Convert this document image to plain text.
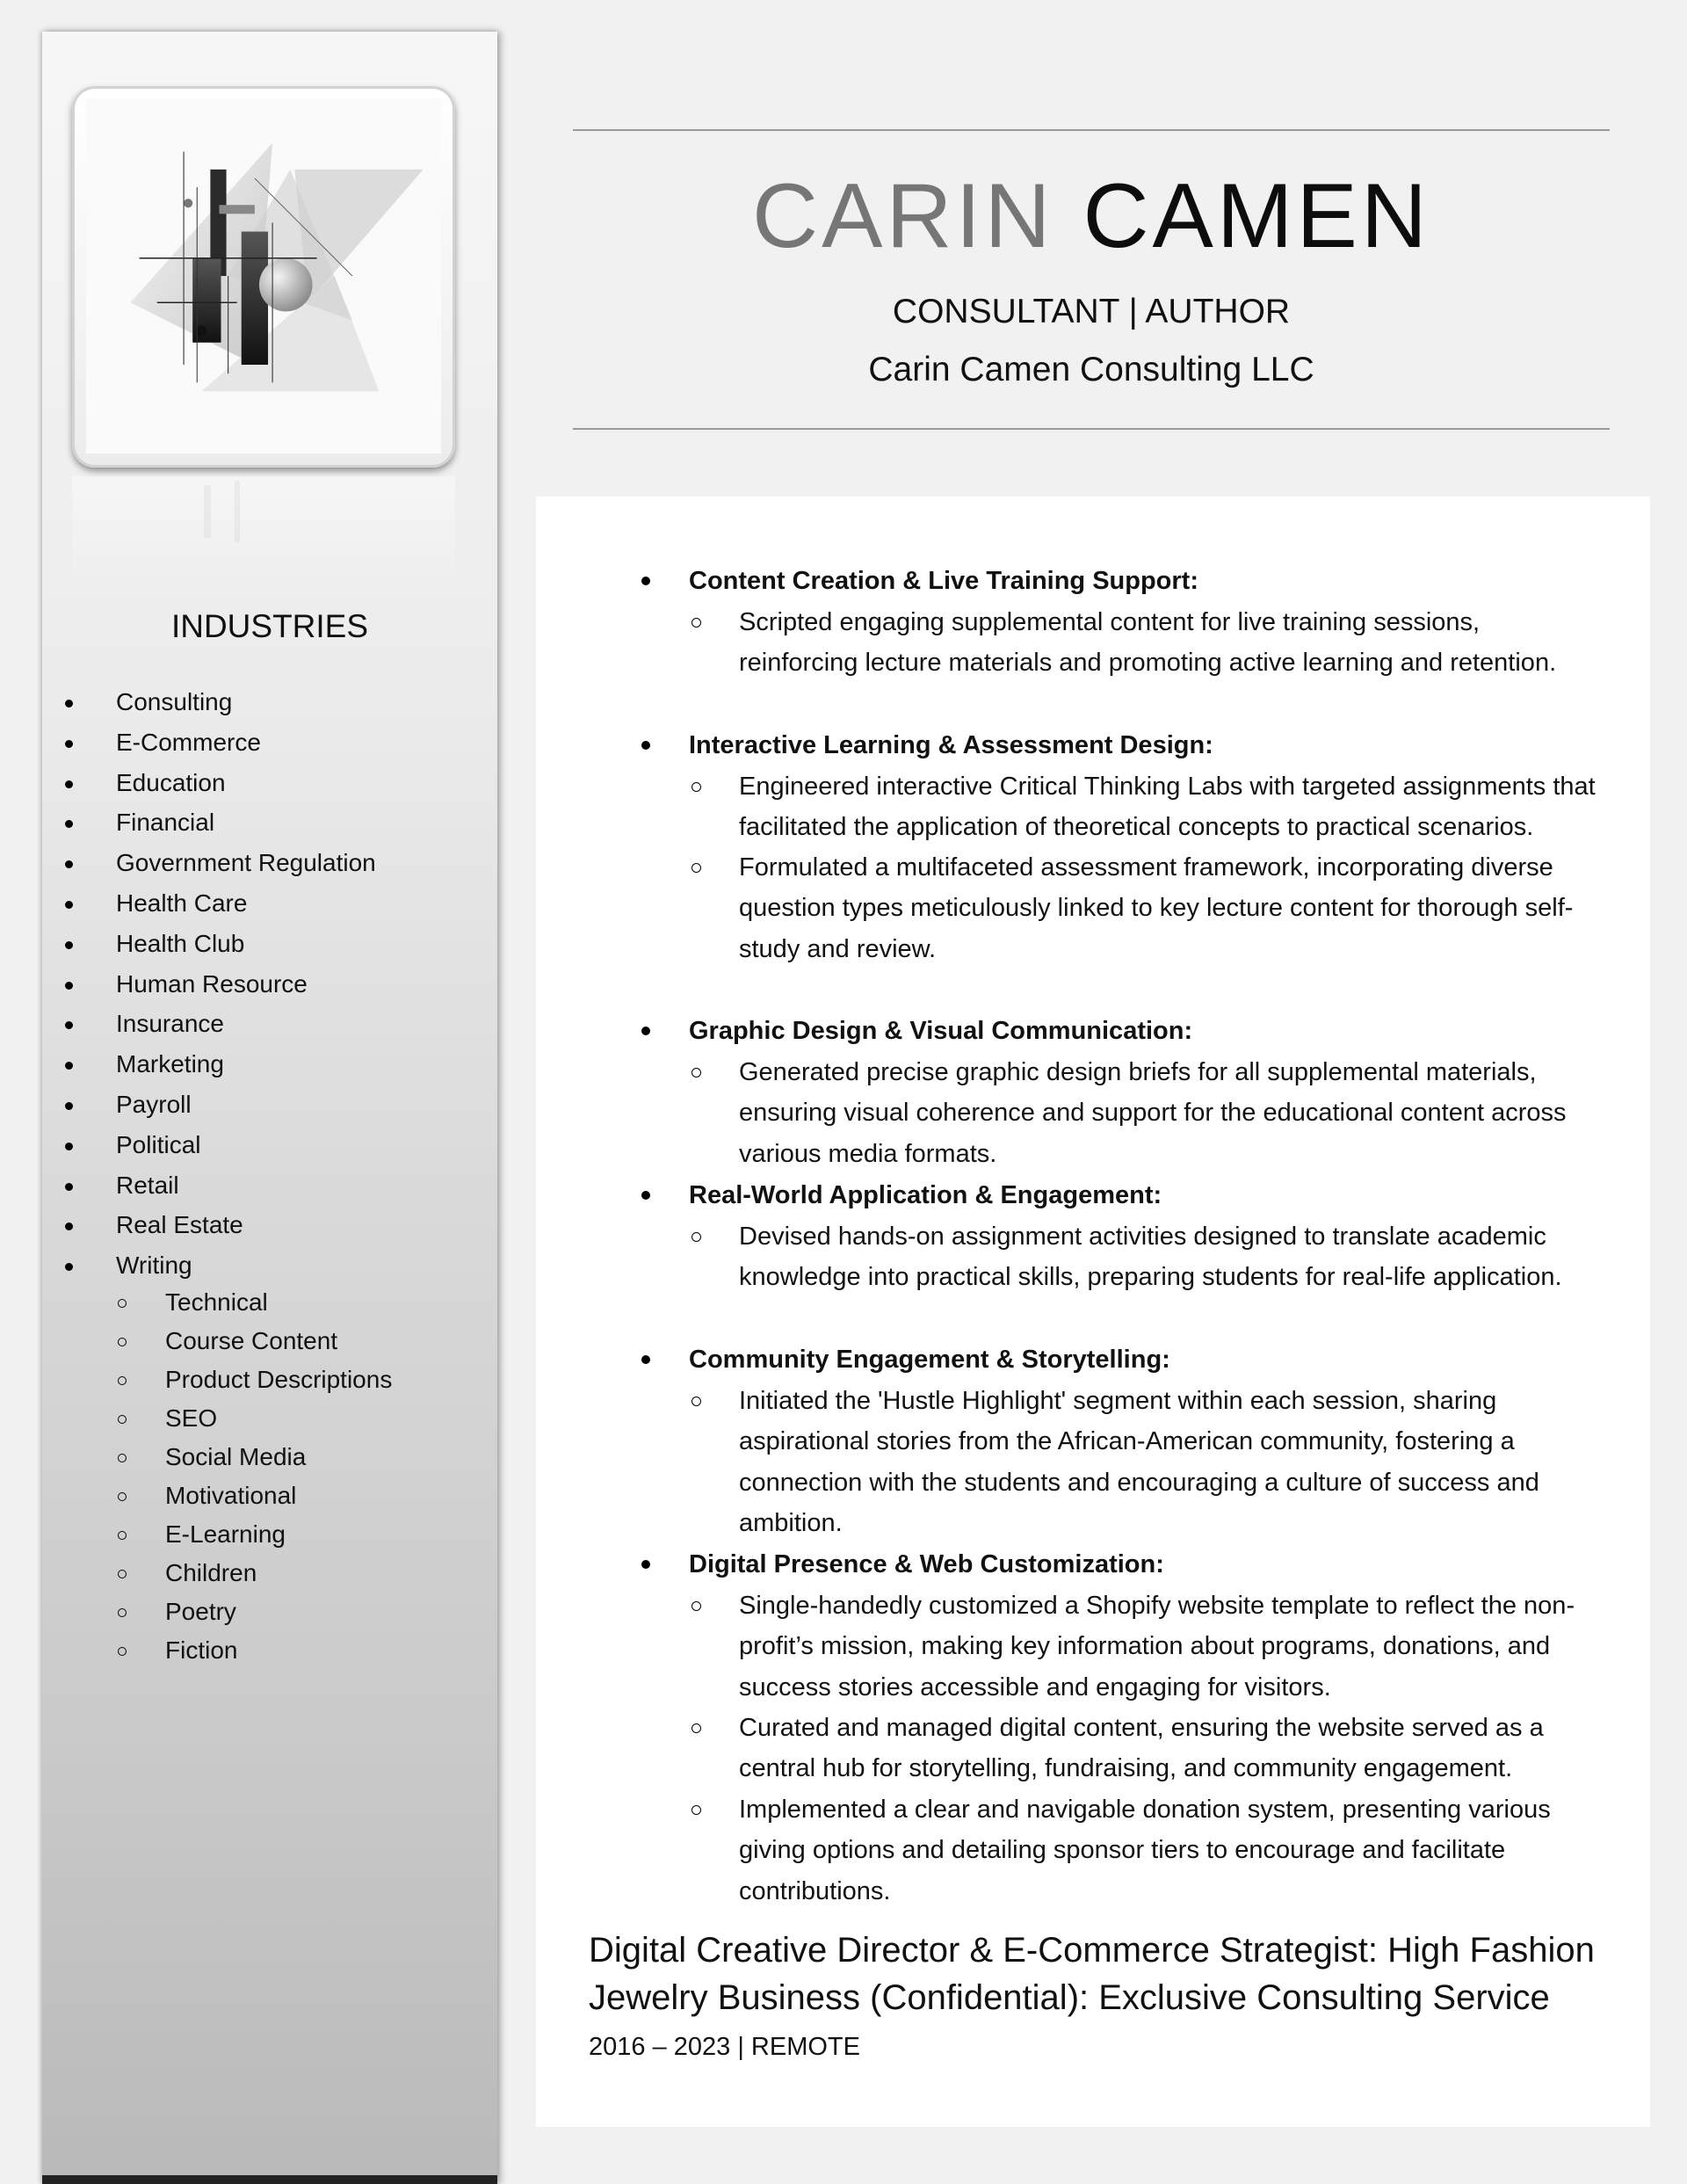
INDUSTRIES
Consulting
E-Commerce
Education
Financial
Government Regulation
Health Care
Health Club
Human Resource
Insurance
Marketing
Payroll
Political
Retail
Real Estate
Writing
Technical
Course Content
Product Descriptions
SEO
Social Media
Motivational
E-Learning
Children
Poetry
Fiction
CARIN CAMEN
CONSULTANT | AUTHOR
Carin Camen Consulting LLC
Content Creation & Live Training Support:
Scripted engaging supplemental content for live training sessions, reinforcing lecture materials and promoting active learning and retention.
Interactive Learning & Assessment Design:
Engineered interactive Critical Thinking Labs with targeted assignments that facilitated the application of theoretical concepts to practical scenarios.
Formulated a multifaceted assessment framework, incorporating diverse question types meticulously linked to key lecture content for thorough self-study and review.
Graphic Design & Visual Communication:
Generated precise graphic design briefs for all supplemental materials, ensuring visual coherence and support for the educational content across various media formats.
Real-World Application & Engagement:
Devised hands-on assignment activities designed to translate academic knowledge into practical skills, preparing students for real-life application.
Community Engagement & Storytelling:
Initiated the 'Hustle Highlight' segment within each session, sharing aspirational stories from the African-American community, fostering a connection with the students and encouraging a culture of success and ambition.
Digital Presence & Web Customization:
Single-handedly customized a Shopify website template to reflect the non-profit’s mission, making key information about programs, donations, and success stories accessible and engaging for visitors.
Curated and managed digital content, ensuring the website served as a central hub for storytelling, fundraising, and community engagement.
Implemented a clear and navigable donation system, presenting various giving options and detailing sponsor tiers to encourage and facilitate contributions.
Digital Creative Director & E-Commerce Strategist: High Fashion Jewelry Business (Confidential): Exclusive Consulting Service
2016 – 2023 | REMOTE
